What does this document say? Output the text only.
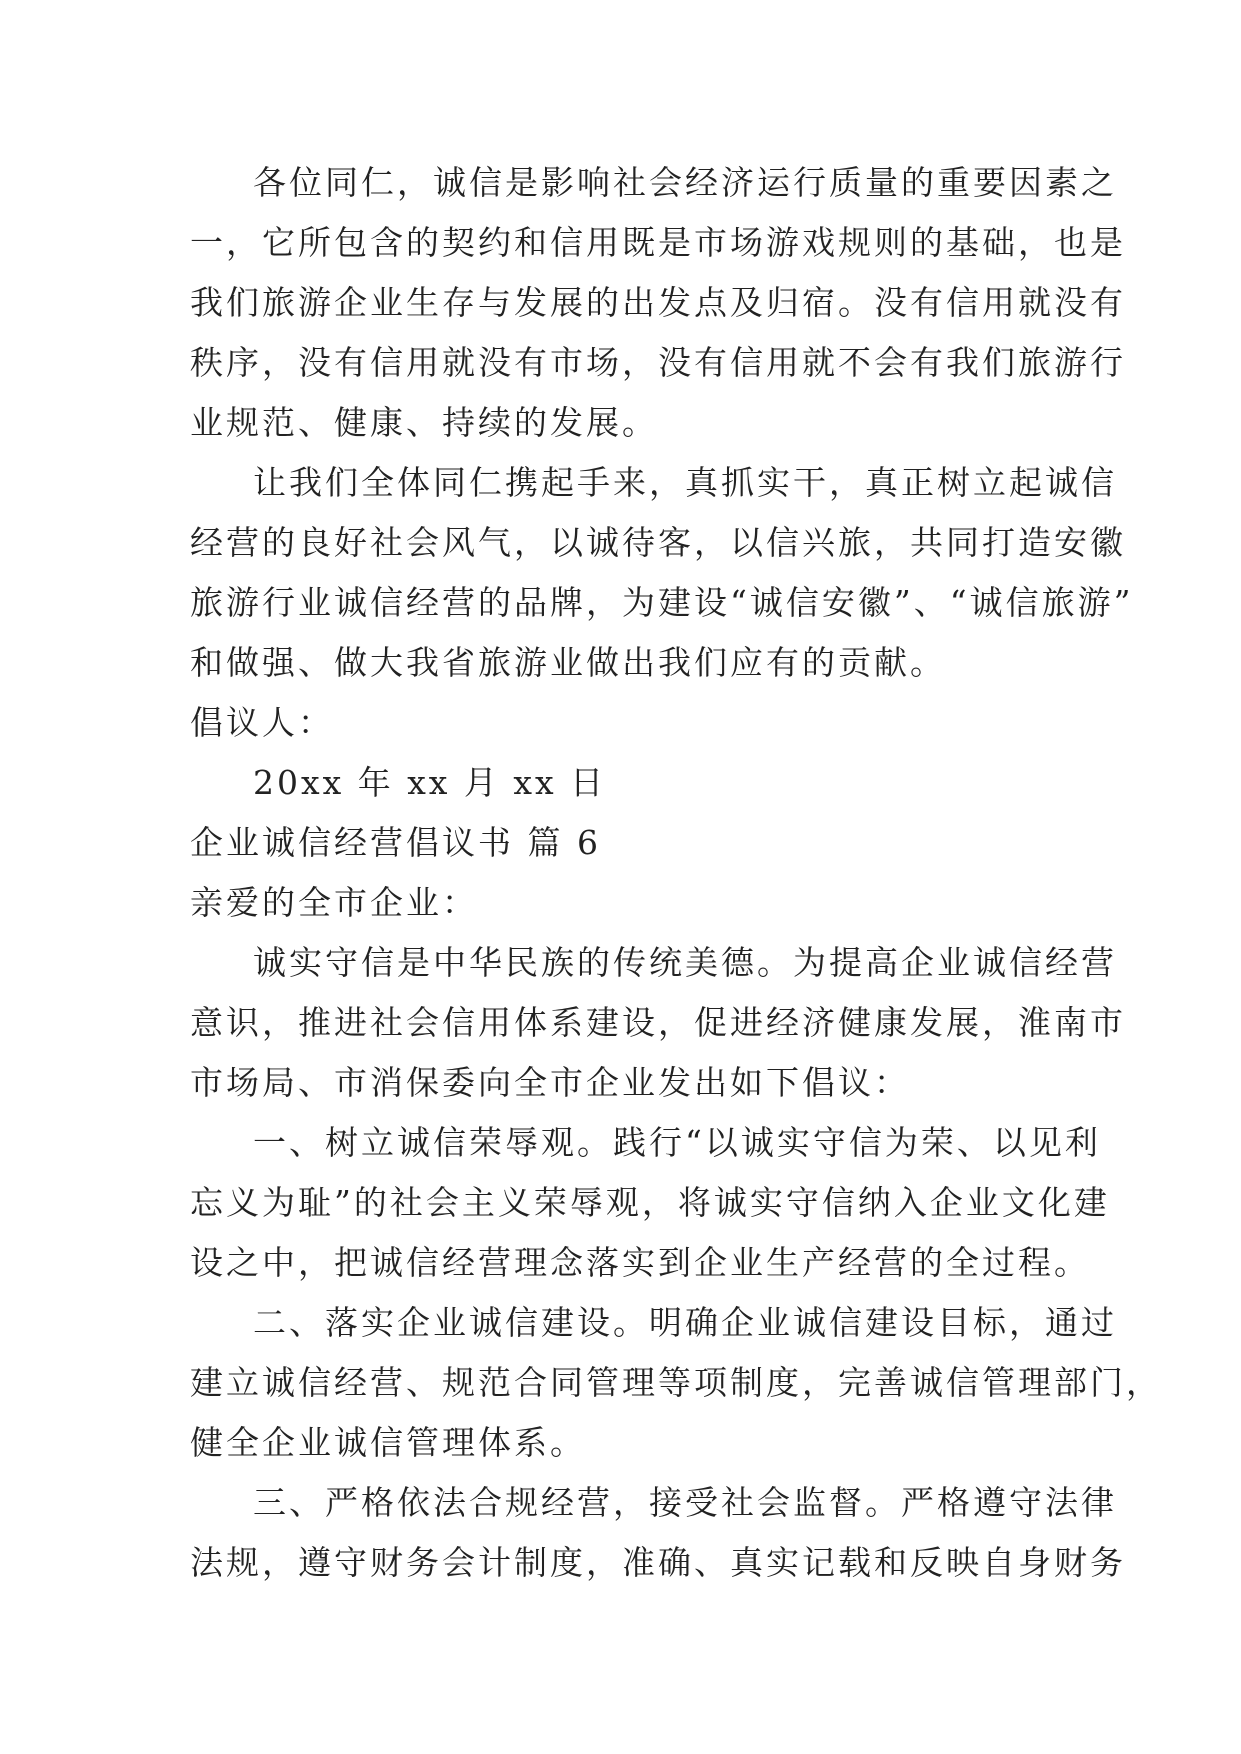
各位同仁，诚信是影响社会经济运行质量的重要因素之
一，它所包含的契约和信用既是市场游戏规则的基础，也是
我们旅游企业生存与发展的出发点及归宿。没有信用就没有
秩序，没有信用就没有市场，没有信用就不会有我们旅游行
业规范、健康、持续的发展。
让我们全体同仁携起手来，真抓实干，真正树立起诚信
经营的良好社会风气，以诚待客，以信兴旅，共同打造安徽
旅游行业诚信经营的品牌，为建设“诚信安徽”、“诚信旅游”
和做强、做大我省旅游业做出我们应有的贡献。
倡议人：
20xx 年 xx 月 xx 日
企业诚信经营倡议书 篇 6
亲爱的全市企业：
诚实守信是中华民族的传统美德。为提高企业诚信经营
意识，推进社会信用体系建设，促进经济健康发展，淮南市
市场局、市消保委向全市企业发出如下倡议：
一、树立诚信荣辱观。践行“以诚实守信为荣、以见利
忘义为耻”的社会主义荣辱观，将诚实守信纳入企业文化建
设之中，把诚信经营理念落实到企业生产经营的全过程。
二、落实企业诚信建设。明确企业诚信建设目标，通过
建立诚信经营、规范合同管理等项制度，完善诚信管理部门，
健全企业诚信管理体系。
三、严格依法合规经营，接受社会监督。严格遵守法律
法规，遵守财务会计制度，准确、真实记载和反映自身财务
